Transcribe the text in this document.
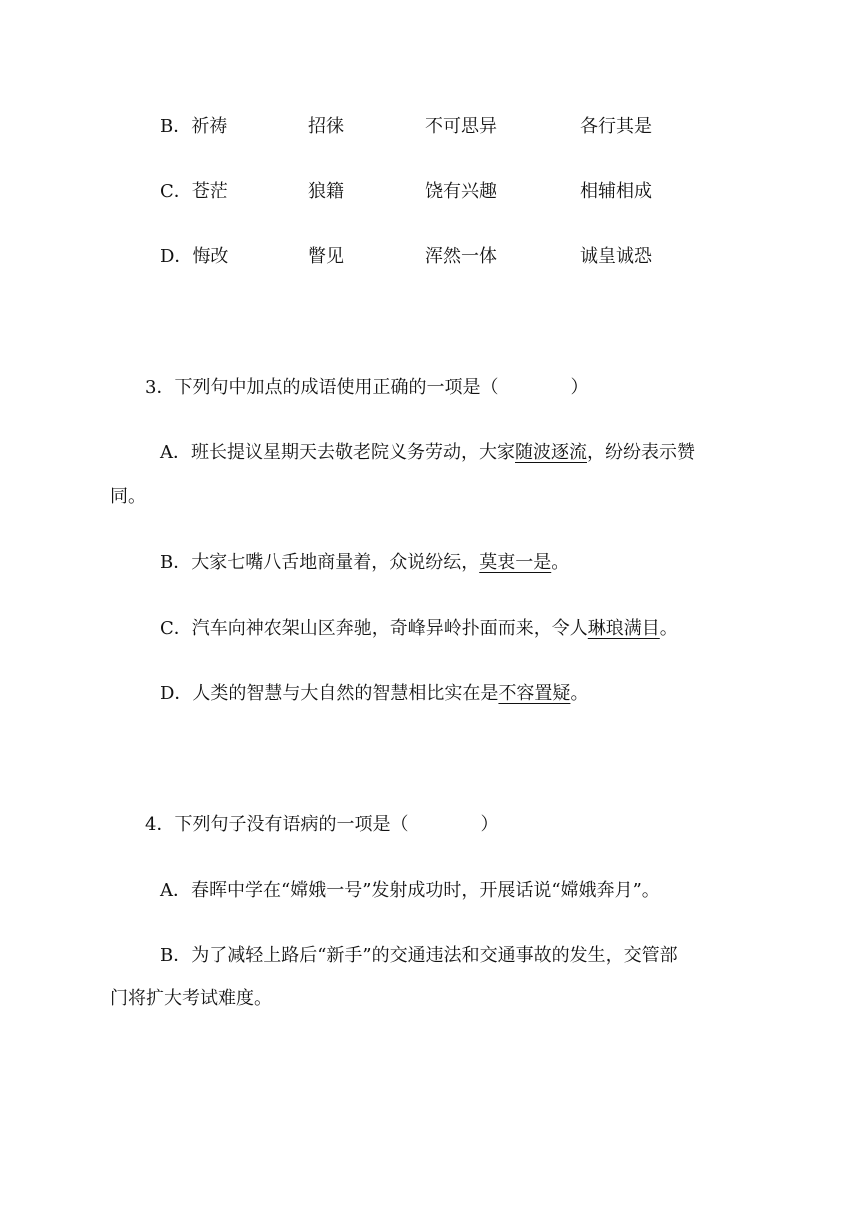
B．祈祷	招徕	不可思异	各行其是
C．苍茫	狼籍	饶有兴趣	相辅相成
D．悔改	瞥见	浑然一体	诚皇诚恐
3．下列句中加点的成语使用正确的一项是（　　　　）
A．班长提议星期天去敬老院义务劳动，大家随波逐流，纷纷表示赞
同。
B．大家七嘴八舌地商量着，众说纷纭，莫衷一是。
C．汽车向神农架山区奔驰，奇峰异岭扑面而来，令人琳琅满目。
D．人类的智慧与大自然的智慧相比实在是不容置疑。
4．下列句子没有语病的一项是（　　　　）
A．春晖中学在“嫦娥一号”发射成功时，开展话说“嫦娥奔月”。
B．为了减轻上路后“新手”的交通违法和交通事故的发生，交管部
门将扩大考试难度。
